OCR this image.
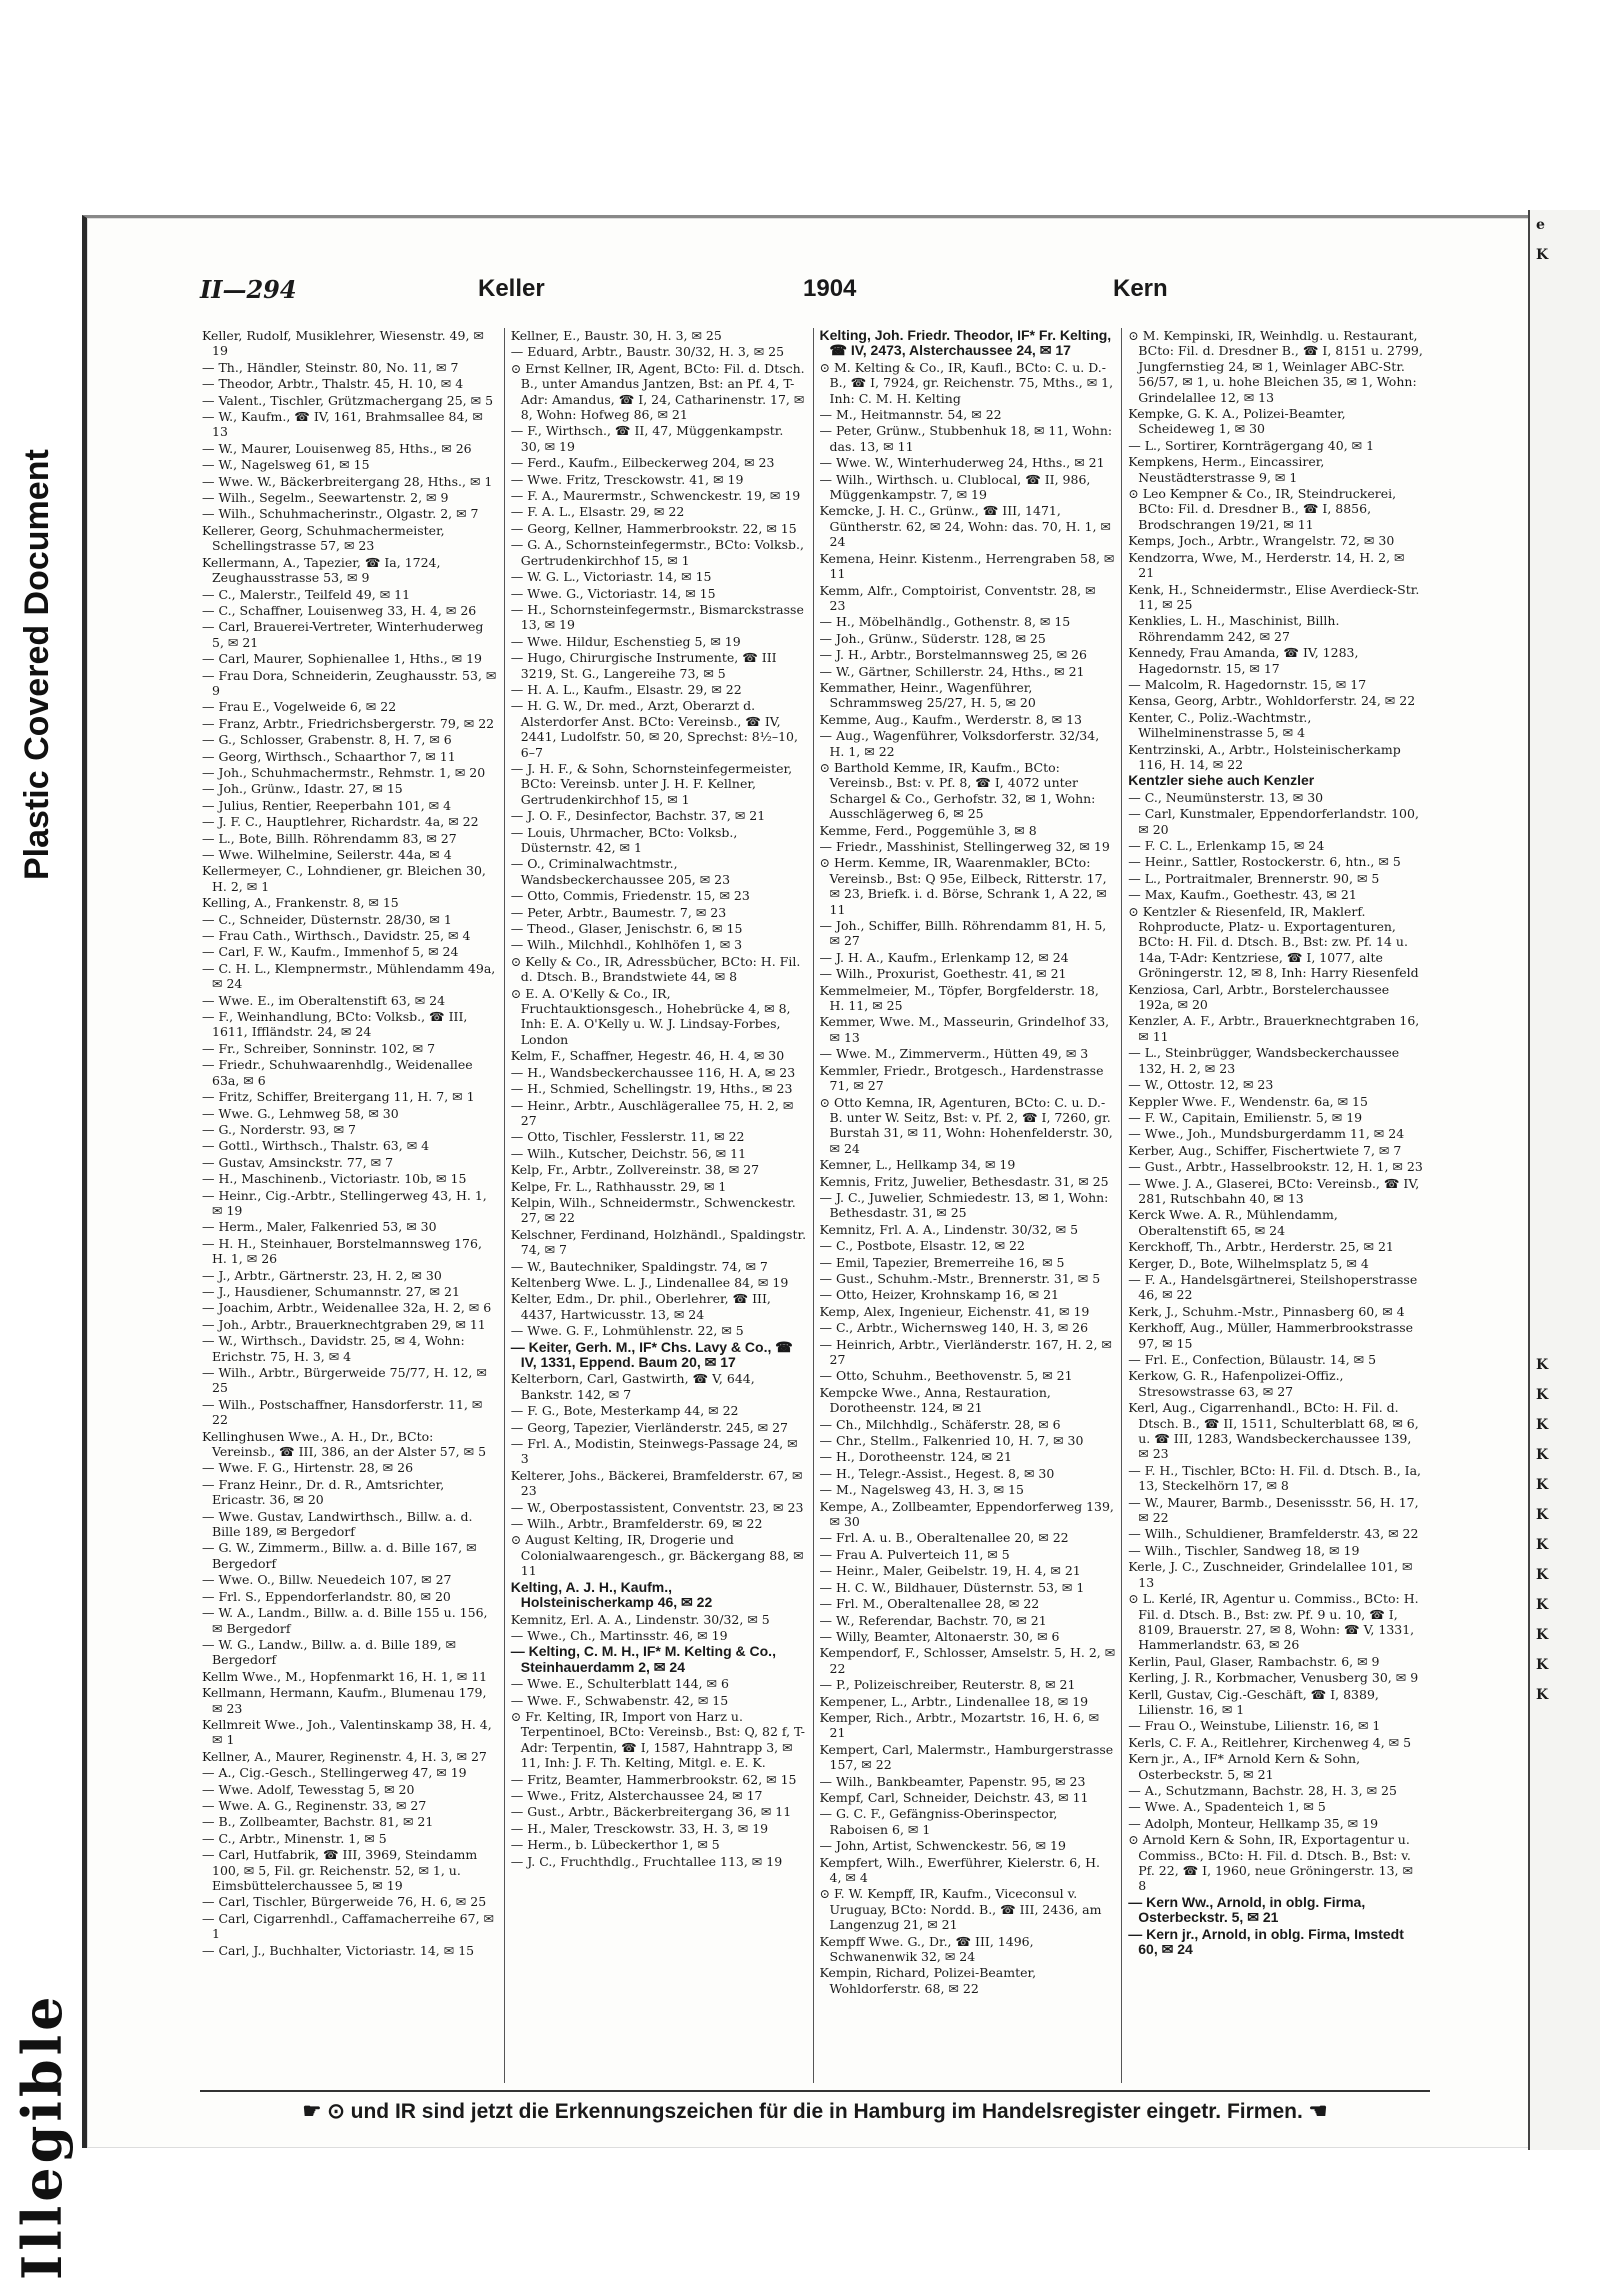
Plastic Covered Document
Illegible
e
K
K
K
K
K
K
K
K
K
K
K
K
K
II—294	Keller	1904	Kern
Keller, Rudolf, Musiklehrer, Wiesenstr. 49, ✉ 19
— Th., Händler, Steinstr. 80, No. 11, ✉ 7
— Theodor, Arbtr., Thalstr. 45, H. 10, ✉ 4
— Valent., Tischler, Grützmachergang 25, ✉ 5
— W., Kaufm., ☎ IV, 161, Brahmsallee 84, ✉ 13
— W., Maurer, Louisenweg 85, Hths., ✉ 26
— W., Nagelsweg 61, ✉ 15
— Wwe. W., Bäckerbreitergang 28, Hths., ✉ 1
— Wilh., Segelm., Seewartenstr. 2, ✉ 9
— Wilh., Schuhmacherinstr., Olgastr. 2, ✉ 7
Kellerer, Georg, Schuhmachermeister, Schellingstrasse 57, ✉ 23
Kellermann, A., Tapezier, ☎ Ia, 1724, Zeughausstrasse 53, ✉ 9
— C., Malerstr., Teilfeld 49, ✉ 11
— C., Schaffner, Louisenweg 33, H. 4, ✉ 26
— Carl, Brauerei-Vertreter, Winterhuderweg 5, ✉ 21
— Carl, Maurer, Sophienallee 1, Hths., ✉ 19
— Frau Dora, Schneiderin, Zeughausstr. 53, ✉ 9
— Frau E., Vogelweide 6, ✉ 22
— Franz, Arbtr., Friedrichsbergerstr. 79, ✉ 22
— G., Schlosser, Grabenstr. 8, H. 7, ✉ 6
— Georg, Wirthsch., Schaarthor 7, ✉ 11
— Joh., Schuhmachermstr., Rehmstr. 1, ✉ 20
— Joh., Grünw., Idastr. 27, ✉ 15
— Julius, Rentier, Reeperbahn 101, ✉ 4
— J. F. C., Hauptlehrer, Richardstr. 4a, ✉ 22
— L., Bote, Billh. Röhrendamm 83, ✉ 27
— Wwe. Wilhelmine, Seilerstr. 44a, ✉ 4
Kellermeyer, C., Lohndiener, gr. Bleichen 30, H. 2, ✉ 1
Kelling, A., Frankenstr. 8, ✉ 15
— C., Schneider, Düsternstr. 28/30, ✉ 1
— Frau Cath., Wirthsch., Davidstr. 25, ✉ 4
— Carl, F. W., Kaufm., Immenhof 5, ✉ 24
— C. H. L., Klempnermstr., Mühlendamm 49a, ✉ 24
— Wwe. E., im Oberaltenstift 63, ✉ 24
— F., Weinhandlung, BCto: Volksb., ☎ III, 1611, Iffländstr. 24, ✉ 24
— Fr., Schreiber, Sonninstr. 102, ✉ 7
— Friedr., Schuhwaarenhdlg., Weidenallee 63a, ✉ 6
— Fritz, Schiffer, Breitergang 11, H. 7, ✉ 1
— Wwe. G., Lehmweg 58, ✉ 30
— G., Norderstr. 93, ✉ 7
— Gottl., Wirthsch., Thalstr. 63, ✉ 4
— Gustav, Amsinckstr. 77, ✉ 7
— H., Maschinenb., Victoriastr. 10b, ✉ 15
— Heinr., Cig.-Arbtr., Stellingerweg 43, H. 1, ✉ 19
— Herm., Maler, Falkenried 53, ✉ 30
— H. H., Steinhauer, Borstelmannsweg 176, H. 1, ✉ 26
— J., Arbtr., Gärtnerstr. 23, H. 2, ✉ 30
— J., Hausdiener, Schumannstr. 27, ✉ 21
— Joachim, Arbtr., Weidenallee 32a, H. 2, ✉ 6
— Joh., Arbtr., Brauerknechtgraben 29, ✉ 11
— W., Wirthsch., Davidstr. 25, ✉ 4, Wohn: Erichstr. 75, H. 3, ✉ 4
— Wilh., Arbtr., Bürgerweide 75/77, H. 12, ✉ 25
— Wilh., Postschaffner, Hansdorferstr. 11, ✉ 22
Kellinghusen Wwe., A. H., Dr., BCto: Vereinsb., ☎ III, 386, an der Alster 57, ✉ 5
— Wwe. F. G., Hirtenstr. 28, ✉ 26
— Franz Heinr., Dr. d. R., Amtsrichter, Ericastr. 36, ✉ 20
— Wwe. Gustav, Landwirthsch., Billw. a. d. Bille 189, ✉ Bergedorf
— G. W., Zimmerm., Billw. a. d. Bille 167, ✉ Bergedorf
— Wwe. O., Billw. Neuedeich 107, ✉ 27
— Frl. S., Eppendorferlandstr. 80, ✉ 20
— W. A., Landm., Billw. a. d. Bille 155 u. 156, ✉ Bergedorf
— W. G., Landw., Billw. a. d. Bille 189, ✉ Bergedorf
Kellm Wwe., M., Hopfenmarkt 16, H. 1, ✉ 11
Kellmann, Hermann, Kaufm., Blumenau 179, ✉ 23
Kellmreit Wwe., Joh., Valentinskamp 38, H. 4, ✉ 1
Kellner, A., Maurer, Reginenstr. 4, H. 3, ✉ 27
— A., Cig.-Gesch., Stellingerweg 47, ✉ 19
— Wwe. Adolf, Tewesstag 5, ✉ 20
— Wwe. A. G., Reginenstr. 33, ✉ 27
— B., Zollbeamter, Bachstr. 81, ✉ 21
— C., Arbtr., Minenstr. 1, ✉ 5
— Carl, Hutfabrik, ☎ III, 3969, Steindamm 100, ✉ 5, Fil. gr. Reichenstr. 52, ✉ 1, u. Eimsbüttelerchaussee 5, ✉ 19
— Carl, Tischler, Bürgerweide 76, H. 6, ✉ 25
— Carl, Cigarrenhdl., Caffamacherreihe 67, ✉ 1
— Carl, J., Buchhalter, Victoriastr. 14, ✉ 15
Kellner, E., Baustr. 30, H. 3, ✉ 25
— Eduard, Arbtr., Baustr. 30/32, H. 3, ✉ 25
⊙ Ernst Kellner, IR, Agent, BCto: Fil. d. Dtsch. B., unter Amandus Jantzen, Bst: an Pf. 4, T-Adr: Amandus, ☎ I, 24, Catharinenstr. 17, ✉ 8, Wohn: Hofweg 86, ✉ 21
— F., Wirthsch., ☎ II, 47, Müggenkampstr. 30, ✉ 19
— Ferd., Kaufm., Eilbeckerweg 204, ✉ 23
— Wwe. Fritz, Tresckowstr. 41, ✉ 19
— F. A., Maurermstr., Schwenckestr. 19, ✉ 19
— F. A. L., Elsastr. 29, ✉ 22
— Georg, Kellner, Hammerbrookstr. 22, ✉ 15
— G. A., Schornsteinfegermstr., BCto: Volksb., Gertrudenkirchhof 15, ✉ 1
— W. G. L., Victoriastr. 14, ✉ 15
— Wwe. G., Victoriastr. 14, ✉ 15
— H., Schornsteinfegermstr., Bismarckstrasse 13, ✉ 19
— Wwe. Hildur, Eschenstieg 5, ✉ 19
— Hugo, Chirurgische Instrumente, ☎ III 3219, St. G., Langereihe 73, ✉ 5
— H. A. L., Kaufm., Elsastr. 29, ✉ 22
— H. G. W., Dr. med., Arzt, Oberarzt d. Alsterdorfer Anst. BCto: Vereinsb., ☎ IV, 2441, Ludolfstr. 50, ✉ 20, Sprechst: 8½–10, 6–7
— J. H. F., & Sohn, Schornsteinfegermeister, BCto: Vereinsb. unter J. H. F. Kellner, Gertrudenkirchhof 15, ✉ 1
— J. O. F., Desinfector, Bachstr. 37, ✉ 21
— Louis, Uhrmacher, BCto: Volksb., Düsternstr. 42, ✉ 1
— O., Criminalwachtmstr., Wandsbeckerchaussee 205, ✉ 23
— Otto, Commis, Friedenstr. 15, ✉ 23
— Peter, Arbtr., Baumestr. 7, ✉ 23
— Theod., Glaser, Jenischstr. 6, ✉ 15
— Wilh., Milchhdl., Kohlhöfen 1, ✉ 3
⊙ Kelly & Co., IR, Adressbücher, BCto: H. Fil. d. Dtsch. B., Brandstwiete 44, ✉ 8
⊙ E. A. O'Kelly & Co., IR, Fruchtauktionsgesch., Hohebrücke 4, ✉ 8, Inh: E. A. O'Kelly u. W. J. Lindsay-Forbes, London
Kelm, F., Schaffner, Hegestr. 46, H. 4, ✉ 30
— H., Wandsbeckerchaussee 116, H. A, ✉ 23
— H., Schmied, Schellingstr. 19, Hths., ✉ 23
— Heinr., Arbtr., Auschlägerallee 75, H. 2, ✉ 27
— Otto, Tischler, Fesslerstr. 11, ✉ 22
— Wilh., Kutscher, Deichstr. 56, ✉ 11
Kelp, Fr., Arbtr., Zollvereinstr. 38, ✉ 27
Kelpe, Fr. L., Rathhausstr. 29, ✉ 1
Kelpin, Wilh., Schneidermstr., Schwenckestr. 27, ✉ 22
Kelschner, Ferdinand, Holzhändl., Spaldingstr. 74, ✉ 7
— W., Bautechniker, Spaldingstr. 74, ✉ 7
Keltenberg Wwe. L. J., Lindenallee 84, ✉ 19
Kelter, Edm., Dr. phil., Oberlehrer, ☎ III, 4437, Hartwicusstr. 13, ✉ 24
— Wwe. G. F., Lohmühlenstr. 22, ✉ 5
— Keiter, Gerh. M., IF* Chs. Lavy & Co., ☎ IV, 1331, Eppend. Baum 20, ✉ 17
Kelterborn, Carl, Gastwirth, ☎ V, 644, Bankstr. 142, ✉ 7
— F. G., Bote, Mesterkamp 44, ✉ 22
— Georg, Tapezier, Vierländerstr. 245, ✉ 27
— Frl. A., Modistin, Steinwegs-Passage 24, ✉ 3
Kelterer, Johs., Bäckerei, Bramfelderstr. 67, ✉ 23
— W., Oberpostassistent, Conventstr. 23, ✉ 23
— Wilh., Arbtr., Bramfelderstr. 69, ✉ 22
⊙ August Kelting, IR, Drogerie und Colonialwaarengesch., gr. Bäckergang 88, ✉ 11
Kelting, A. J. H., Kaufm., Holsteinischerkamp 46, ✉ 22
Kemnitz, Erl. A. A., Lindenstr. 30/32, ✉ 5
— Wwe., Ch., Martinsstr. 46, ✉ 19
— Kelting, C. M. H., IF* M. Kelting & Co., Steinhauerdamm 2, ✉ 24
— Wwe. E., Schulterblatt 144, ✉ 6
— Wwe. F., Schwabenstr. 42, ✉ 15
⊙ Fr. Kelting, IR, Import von Harz u. Terpentinoel, BCto: Vereinsb., Bst: Q, 82 f, T-Adr: Terpentin, ☎ I, 1587, Hahntrapp 3, ✉ 11, Inh: J. F. Th. Kelting, Mitgl. e. E. K.
— Fritz, Beamter, Hammerbrookstr. 62, ✉ 15
— Wwe., Fritz, Alsterchaussee 24, ✉ 17
— Gust., Arbtr., Bäckerbreitergang 36, ✉ 11
— H., Maler, Tresckowstr. 33, H. 3, ✉ 19
— Herm., b. Lübeckerthor 1, ✉ 5
— J. C., Fruchthdlg., Fruchtallee 113, ✉ 19
Kelting, Joh. Friedr. Theodor, IF* Fr. Kelting, ☎ IV, 2473, Alsterchaussee 24, ✉ 17
⊙ M. Kelting & Co., IR, Kaufl., BCto: C. u. D.-B., ☎ I, 7924, gr. Reichenstr. 75, Mths., ✉ 1, Inh: C. M. H. Kelting
— M., Heitmannstr. 54, ✉ 22
— Peter, Grünw., Stubbenhuk 18, ✉ 11, Wohn: das. 13, ✉ 11
— Wwe. W., Winterhuderweg 24, Hths., ✉ 21
— Wilh., Wirthsch. u. Clublocal, ☎ II, 986, Müggenkampstr. 7, ✉ 19
Kemcke, J. H. C., Grünw., ☎ III, 1471, Güntherstr. 62, ✉ 24, Wohn: das. 70, H. 1, ✉ 24
Kemena, Heinr. Kistenm., Herrengraben 58, ✉ 11
Kemm, Alfr., Comptoirist, Conventstr. 28, ✉ 23
— H., Möbelhändlg., Gothenstr. 8, ✉ 15
— Joh., Grünw., Süderstr. 128, ✉ 25
— J. H., Arbtr., Borstelmannsweg 25, ✉ 26
— W., Gärtner, Schillerstr. 24, Hths., ✉ 21
Kemmather, Heinr., Wagenführer, Schrammsweg 25/27, H. 5, ✉ 20
Kemme, Aug., Kaufm., Werderstr. 8, ✉ 13
— Aug., Wagenführer, Volksdorferstr. 32/34, H. 1, ✉ 22
⊙ Barthold Kemme, IR, Kaufm., BCto: Vereinsb., Bst: v. Pf. 8, ☎ I, 4072 unter Schargel & Co., Gerhofstr. 32, ✉ 1, Wohn: Ausschlägerweg 6, ✉ 25
Kemme, Ferd., Poggemühle 3, ✉ 8
— Friedr., Masshinist, Stellingerweg 32, ✉ 19
⊙ Herm. Kemme, IR, Waarenmakler, BCto: Vereinsb., Bst: Q 95e, Eilbeck, Ritterstr. 17, ✉ 23, Briefk. i. d. Börse, Schrank 1, A 22, ✉ 11
— Joh., Schiffer, Billh. Röhrendamm 81, H. 5, ✉ 27
— J. H. A., Kaufm., Erlenkamp 12, ✉ 24
— Wilh., Proxurist, Goethestr. 41, ✉ 21
Kemmelmeier, M., Töpfer, Borgfelderstr. 18, H. 11, ✉ 25
Kemmer, Wwe. M., Masseurin, Grindelhof 33, ✉ 13
— Wwe. M., Zimmerverm., Hütten 49, ✉ 3
Kemmler, Friedr., Brotgesch., Hardenstrasse 71, ✉ 27
⊙ Otto Kemna, IR, Agenturen, BCto: C. u. D.-B. unter W. Seitz, Bst: v. Pf. 2, ☎ I, 7260, gr. Burstah 31, ✉ 11, Wohn: Hohenfelderstr. 30, ✉ 24
Kemner, L., Hellkamp 34, ✉ 19
Kemnis, Fritz, Juwelier, Bethesdastr. 31, ✉ 25
— J. C., Juwelier, Schmiedestr. 13, ✉ 1, Wohn: Bethesdastr. 31, ✉ 25
Kemnitz, Frl. A. A., Lindenstr. 30/32, ✉ 5
— C., Postbote, Elsastr. 12, ✉ 22
— Emil, Tapezier, Bremerreihe 16, ✉ 5
— Gust., Schuhm.-Mstr., Brennerstr. 31, ✉ 5
— Otto, Heizer, Krohnskamp 16, ✉ 21
Kemp, Alex, Ingenieur, Eichenstr. 41, ✉ 19
— C., Arbtr., Wichernsweg 140, H. 3, ✉ 26
— Heinrich, Arbtr., Vierländerstr. 167, H. 2, ✉ 27
— Otto, Schuhm., Beethovenstr. 5, ✉ 21
Kempcke Wwe., Anna, Restauration, Dorotheenstr. 124, ✉ 21
— Ch., Milchhdlg., Schäferstr. 28, ✉ 6
— Chr., Stellm., Falkenried 10, H. 7, ✉ 30
— H., Dorotheenstr. 124, ✉ 21
— H., Telegr.-Assist., Hegest. 8, ✉ 30
— M., Nagelsweg 43, H. 3, ✉ 15
Kempe, A., Zollbeamter, Eppendorferweg 139, ✉ 30
— Frl. A. u. B., Oberaltenallee 20, ✉ 22
— Frau A. Pulverteich 11, ✉ 5
— Heinr., Maler, Geibelstr. 19, H. 4, ✉ 21
— H. C. W., Bildhauer, Düsternstr. 53, ✉ 1
— Frl. M., Oberaltenallee 28, ✉ 22
— W., Referendar, Bachstr. 70, ✉ 21
— Willy, Beamter, Altonaerstr. 30, ✉ 6
Kempendorf, F., Schlosser, Amselstr. 5, H. 2, ✉ 22
— P., Polizeischreiber, Reuterstr. 8, ✉ 21
Kempener, L., Arbtr., Lindenallee 18, ✉ 19
Kemper, Rich., Arbtr., Mozartstr. 16, H. 6, ✉ 21
Kempert, Carl, Malermstr., Hamburgerstrasse 157, ✉ 22
— Wilh., Bankbeamter, Papenstr. 95, ✉ 23
Kempf, Carl, Schneider, Deichstr. 43, ✉ 11
— G. C. F., Gefängniss-Oberinspector, Raboisen 6, ✉ 1
— John, Artist, Schwenckestr. 56, ✉ 19
Kempfert, Wilh., Ewerführer, Kielerstr. 6, H. 4, ✉ 4
⊙ F. W. Kempff, IR, Kaufm., Viceconsul v. Uruguay, BCto: Nordd. B., ☎ III, 2436, am Langenzug 21, ✉ 21
Kempff Wwe. G., Dr., ☎ III, 1496, Schwanenwik 32, ✉ 24
Kempin, Richard, Polizei-Beamter, Wohldorferstr. 68, ✉ 22
⊙ M. Kempinski, IR, Weinhdlg. u. Restaurant, BCto: Fil. d. Dresdner B., ☎ I, 8151 u. 2799, Jungfernstieg 24, ✉ 1, Weinlager ABC-Str. 56/57, ✉ 1, u. hohe Bleichen 35, ✉ 1, Wohn: Grindelallee 12, ✉ 13
Kempke, G. K. A., Polizei-Beamter, Scheideweg 1, ✉ 30
— L., Sortirer, Kornträgergang 40, ✉ 1
Kempkens, Herm., Eincassirer, Neustädterstrasse 9, ✉ 1
⊙ Leo Kempner & Co., IR, Steindruckerei, BCto: Fil. d. Dresdner B., ☎ I, 8856, Brodschrangen 19/21, ✉ 11
Kemps, Joch., Arbtr., Wrangelstr. 72, ✉ 30
Kendzorra, Wwe, M., Herderstr. 14, H. 2, ✉ 21
Kenk, H., Schneidermstr., Elise Averdieck-Str. 11, ✉ 25
Kenklies, L. H., Maschinist, Billh. Röhrendamm 242, ✉ 27
Kennedy, Frau Amanda, ☎ IV, 1283, Hagedornstr. 15, ✉ 17
— Malcolm, R. Hagedornstr. 15, ✉ 17
Kensa, Georg, Arbtr., Wohldorferstr. 24, ✉ 22
Kenter, C., Poliz.-Wachtmstr., Wilhelminenstrasse 5, ✉ 4
Kentrzinski, A., Arbtr., Holsteinischerkamp 116, H. 14, ✉ 22
Kentzler siehe auch Kenzler
— C., Neumünsterstr. 13, ✉ 30
— Carl, Kunstmaler, Eppendorferlandstr. 100, ✉ 20
— F. C. L., Erlenkamp 15, ✉ 24
— Heinr., Sattler, Rostockerstr. 6, htn., ✉ 5
— L., Portraitmaler, Brennerstr. 90, ✉ 5
— Max, Kaufm., Goethestr. 43, ✉ 21
⊙ Kentzler & Riesenfeld, IR, Maklerf. Rohproducte, Platz- u. Exportagenturen, BCto: H. Fil. d. Dtsch. B., Bst: zw. Pf. 14 u. 14a, T-Adr: Kentzriese, ☎ I, 1077, alte Gröningerstr. 12, ✉ 8, Inh: Harry Riesenfeld
Kenziosa, Carl, Arbtr., Borstelerchaussee 192a, ✉ 20
Kenzler, A. F., Arbtr., Brauerknechtgraben 16, ✉ 11
— L., Steinbrügger, Wandsbeckerchaussee 132, H. 2, ✉ 23
— W., Ottostr. 12, ✉ 23
Keppler Wwe. F., Wendenstr. 6a, ✉ 15
— F. W., Capitain, Emilienstr. 5, ✉ 19
— Wwe., Joh., Mundsburgerdamm 11, ✉ 24
Kerber, Aug., Schiffer, Fischertwiete 7, ✉ 7
— Gust., Arbtr., Hasselbrookstr. 12, H. 1, ✉ 23
— Wwe. J. A., Glaserei, BCto: Vereinsb., ☎ IV, 281, Rutschbahn 40, ✉ 13
Kerck Wwe. A. R., Mühlendamm, Oberaltenstift 65, ✉ 24
Kerckhoff, Th., Arbtr., Herderstr. 25, ✉ 21
Kerger, D., Bote, Wilhelmsplatz 5, ✉ 4
— F. A., Handelsgärtnerei, Steilshoperstrasse 46, ✉ 22
Kerk, J., Schuhm.-Mstr., Pinnasberg 60, ✉ 4
Kerkhoff, Aug., Müller, Hammerbrookstrasse 97, ✉ 15
— Frl. E., Confection, Bülaustr. 14, ✉ 5
Kerkow, G. R., Hafenpolizei-Offiz., Stresowstrasse 63, ✉ 27
Kerl, Aug., Cigarrenhandl., BCto: H. Fil. d. Dtsch. B., ☎ II, 1511, Schulterblatt 68, ✉ 6, u. ☎ III, 1283, Wandsbeckerchaussee 139, ✉ 23
— F. H., Tischler, BCto: H. Fil. d. Dtsch. B., Ia, 13, Steckelhörn 17, ✉ 8
— W., Maurer, Barmb., Desenissstr. 56, H. 17, ✉ 22
— Wilh., Schuldiener, Bramfelderstr. 43, ✉ 22
— Wilh., Tischler, Sandweg 18, ✉ 19
Kerle, J. C., Zuschneider, Grindelallee 101, ✉ 13
⊙ L. Kerlé, IR, Agentur u. Commiss., BCto: H. Fil. d. Dtsch. B., Bst: zw. Pf. 9 u. 10, ☎ I, 8109, Brauerstr. 27, ✉ 8, Wohn: ☎ V, 1331, Hammerlandstr. 63, ✉ 26
Kerlin, Paul, Glaser, Rambachstr. 6, ✉ 9
Kerling, J. R., Korbmacher, Venusberg 30, ✉ 9
Kerll, Gustav, Cig.-Geschäft, ☎ I, 8389, Lilienstr. 16, ✉ 1
— Frau O., Weinstube, Lilienstr. 16, ✉ 1
Kerls, C. F. A., Reitlehrer, Kirchenweg 4, ✉ 5
Kern jr., A., IF* Arnold Kern & Sohn, Osterbeckstr. 5, ✉ 21
— A., Schutzmann, Bachstr. 28, H. 3, ✉ 25
— Wwe. A., Spadenteich 1, ✉ 5
— Adolph, Monteur, Hellkamp 35, ✉ 19
⊙ Arnold Kern & Sohn, IR, Exportagentur u. Commiss., BCto: H. Fil. d. Dtsch. B., Bst: v. Pf. 22, ☎ I, 1960, neue Gröningerstr. 13, ✉ 8
— Kern Ww., Arnold, in oblg. Firma, Osterbeckstr. 5, ✉ 21
— Kern jr., Arnold, in oblg. Firma, Imstedt 60, ✉ 24
☛ ⊙ und IR sind jetzt die Erkennungszeichen für die in Hamburg im Handelsregister eingetr. Firmen. ☚
